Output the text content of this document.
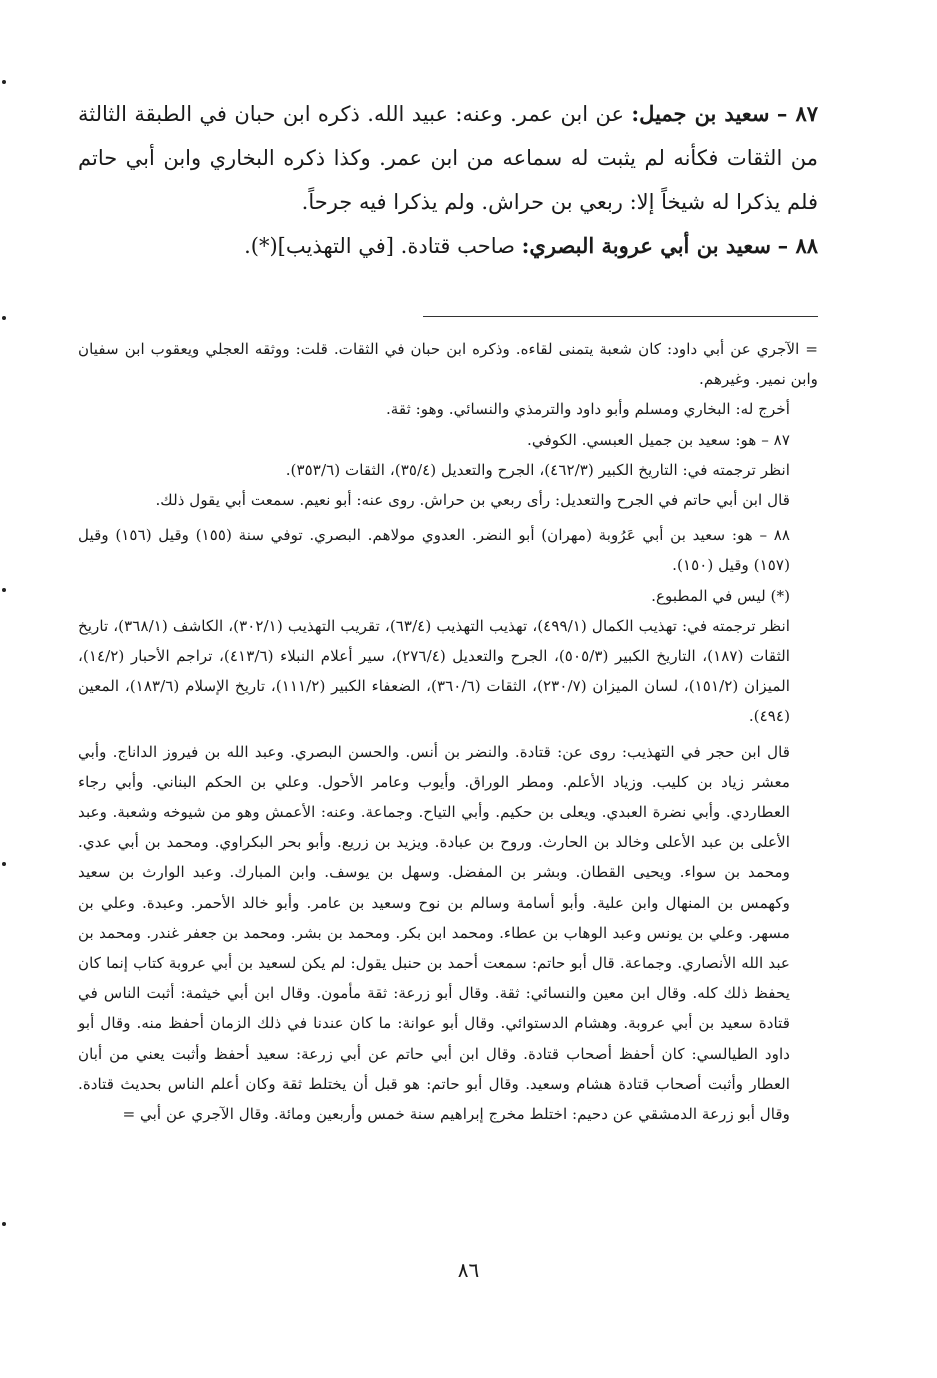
٨٧ – سعيد بن جميل: عن ابن عمر. وعنه: عبيد الله. ذكره ابن حبان في الطبقة الثالثة من الثقات فكأنه لم يثبت له سماعه من ابن عمر. وكذا ذكره البخاري وابن أبي حاتم فلم يذكرا له شيخاً إلا: ربعي بن حراش. ولم يذكرا فيه جرحاً.

٨٨ – سعيد بن أبي عروبة البصري: صاحب قتادة. [في التهذيب](*).

= الآجري عن أبي داود: كان شعبة يتمنى لقاءه. وذكره ابن حبان في الثقات. قلت: ووثقه العجلي ويعقوب ابن سفيان وابن نمير. وغيرهم.

أخرج له: البخاري ومسلم وأبو داود والترمذي والنسائي. وهو: ثقة.

٨٧ – هو: سعيد بن جميل العبسي. الكوفي.

انظر ترجمته في: التاريخ الكبير (٤٦٢/٣)، الجرح والتعديل (٣٥/٤)، الثقات (٣٥٣/٦).

قال ابن أبي حاتم في الجرح والتعديل: رأى ربعي بن حراش. روى عنه: أبو نعيم. سمعت أبي يقول ذلك.

٨٨ – هو: سعيد بن أبي عَرُوبة (مهران) أبو النضر. العدوي مولاهم. البصري. توفي سنة (١٥٥) وقيل (١٥٦) وقيل (١٥٧) وقيل (١٥٠).

(*) ليس في المطبوع.

انظر ترجمته في: تهذيب الكمال (٤٩٩/١)، تهذيب التهذيب (٦٣/٤)، تقريب التهذيب (٣٠٢/١)، الكاشف (٣٦٨/١)، تاريخ الثقات (١٨٧)، التاريخ الكبير (٥٠٥/٣)، الجرح والتعديل (٢٧٦/٤)، سير أعلام النبلاء (٤١٣/٦)، تراجم الأحبار (١٤/٢)، الميزان (١٥١/٢)، لسان الميزان (٢٣٠/٧)، الثقات (٣٦٠/٦)، الضعفاء الكبير (١١١/٢)، تاريخ الإسلام (١٨٣/٦)، المعين (٤٩٤).

قال ابن حجر في التهذيب: روى عن: قتادة. والنضر بن أنس. والحسن البصري. وعبد الله بن فيروز الداناج. وأبي معشر زياد بن كليب. وزياد الأعلم. ومطر الوراق. وأيوب وعامر الأحول. وعلي بن الحكم البناني. وأبي رجاء العطاردي. وأبي نضرة العبدي. ويعلى بن حكيم. وأبي التياح. وجماعة. وعنه: الأعمش وهو من شيوخه وشعبة. وعبد الأعلى بن عبد الأعلى وخالد بن الحارث. وروح بن عبادة. ويزيد بن زريع. وأبو بحر البكراوي. ومحمد بن أبي عدي. ومحمد بن سواء. ويحيى القطان. وبشر بن المفضل. وسهل بن يوسف. وابن المبارك. وعبد الوارث بن سعيد وكهمس بن المنهال وابن علية. وأبو أسامة وسالم بن نوح وسعيد بن عامر. وأبو خالد الأحمر. وعبدة. وعلي بن مسهر. وعلي بن يونس وعبد الوهاب بن عطاء. ومحمد ابن بكر. ومحمد بن بشر. ومحمد بن جعفر غندر. ومحمد بن عبد الله الأنصاري. وجماعة. قال أبو حاتم: سمعت أحمد بن حنبل يقول: لم يكن لسعيد بن أبي عروبة كتاب إنما كان يحفظ ذلك كله. وقال ابن معين والنسائي: ثقة. وقال أبو زرعة: ثقة مأمون. وقال ابن أبي خيثمة: أثبت الناس في قتادة سعيد بن أبي عروبة. وهشام الدستوائي. وقال أبو عوانة: ما كان عندنا في ذلك الزمان أحفظ منه. وقال أبو داود الطيالسي: كان أحفظ أصحاب قتادة. وقال ابن أبي حاتم عن أبي زرعة: سعيد أحفظ وأثبت يعني من أبان العطار وأثبت أصحاب قتادة هشام وسعيد. وقال أبو حاتم: هو قبل أن يختلط ثقة وكان أعلم الناس بحديث قتادة. وقال أبو زرعة الدمشقي عن دحيم: اختلط مخرج إبراهيم سنة خمس وأربعين ومائة. وقال الآجري عن أبي =

٨٦
